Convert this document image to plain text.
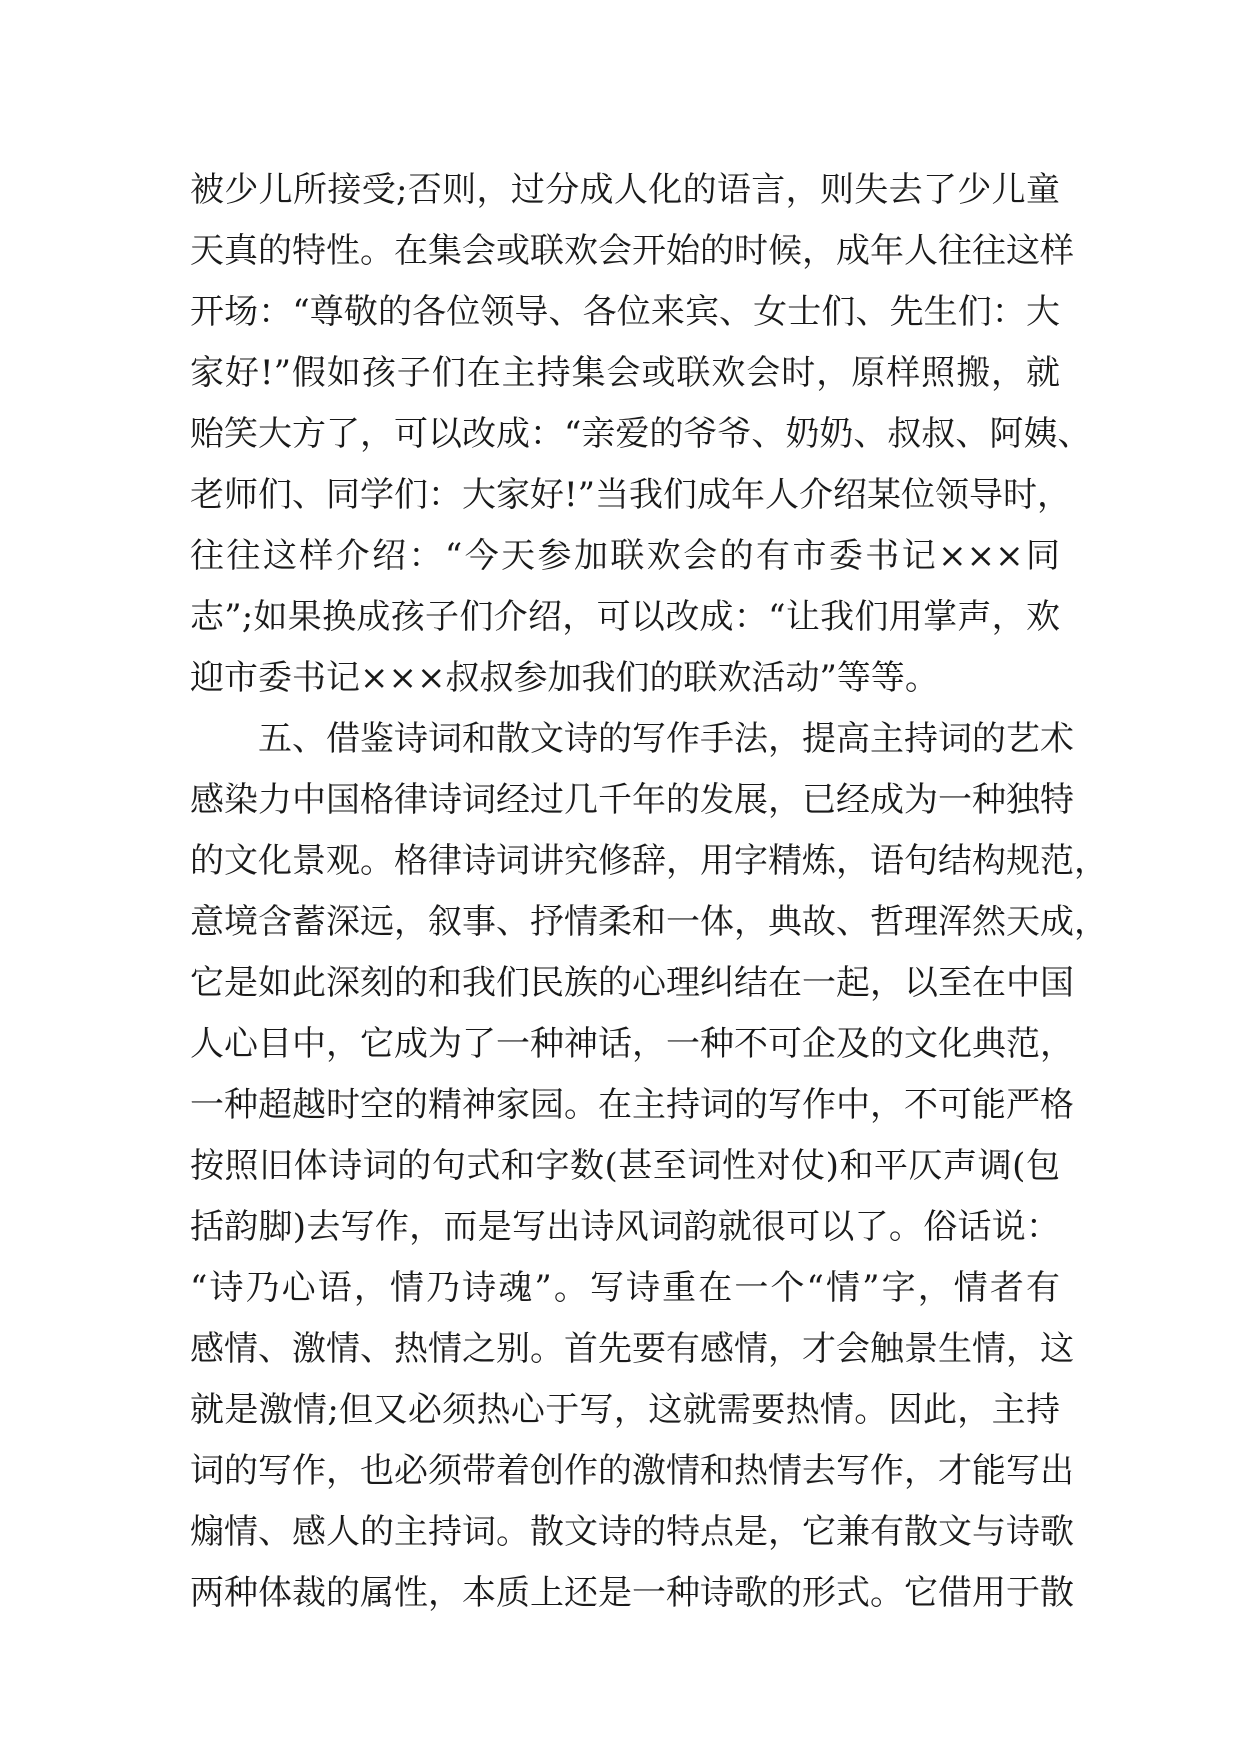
被少儿所接受;否则，过分成人化的语言，则失去了少儿童
天真的特性。在集会或联欢会开始的时候，成年人往往这样
开场：“尊敬的各位领导、各位来宾、女士们、先生们：大
家好!”假如孩子们在主持集会或联欢会时，原样照搬，就
贻笑大方了，可以改成：“亲爱的爷爷、奶奶、叔叔、阿姨、
老师们、同学们：大家好!”当我们成年人介绍某位领导时，
往往这样介绍：“今天参加联欢会的有市委书记×××同
志”;如果换成孩子们介绍，可以改成：“让我们用掌声，欢
迎市委书记×××叔叔参加我们的联欢活动”等等。
五、借鉴诗词和散文诗的写作手法，提高主持词的艺术
感染力中国格律诗词经过几千年的发展，已经成为一种独特
的文化景观。格律诗词讲究修辞，用字精炼，语句结构规范，
意境含蓄深远，叙事、抒情柔和一体，典故、哲理浑然天成，
它是如此深刻的和我们民族的心理纠结在一起，以至在中国
人心目中，它成为了一种神话，一种不可企及的文化典范，
一种超越时空的精神家园。在主持词的写作中，不可能严格
按照旧体诗词的句式和字数(甚至词性对仗)和平仄声调(包
括韵脚)去写作，而是写出诗风词韵就很可以了。俗话说：
“诗乃心语，情乃诗魂”。写诗重在一个“情”字，情者有
感情、激情、热情之别。首先要有感情，才会触景生情，这
就是激情;但又必须热心于写，这就需要热情。因此，主持
词的写作，也必须带着创作的激情和热情去写作，才能写出
煽情、感人的主持词。散文诗的特点是，它兼有散文与诗歌
两种体裁的属性，本质上还是一种诗歌的形式。它借用于散
